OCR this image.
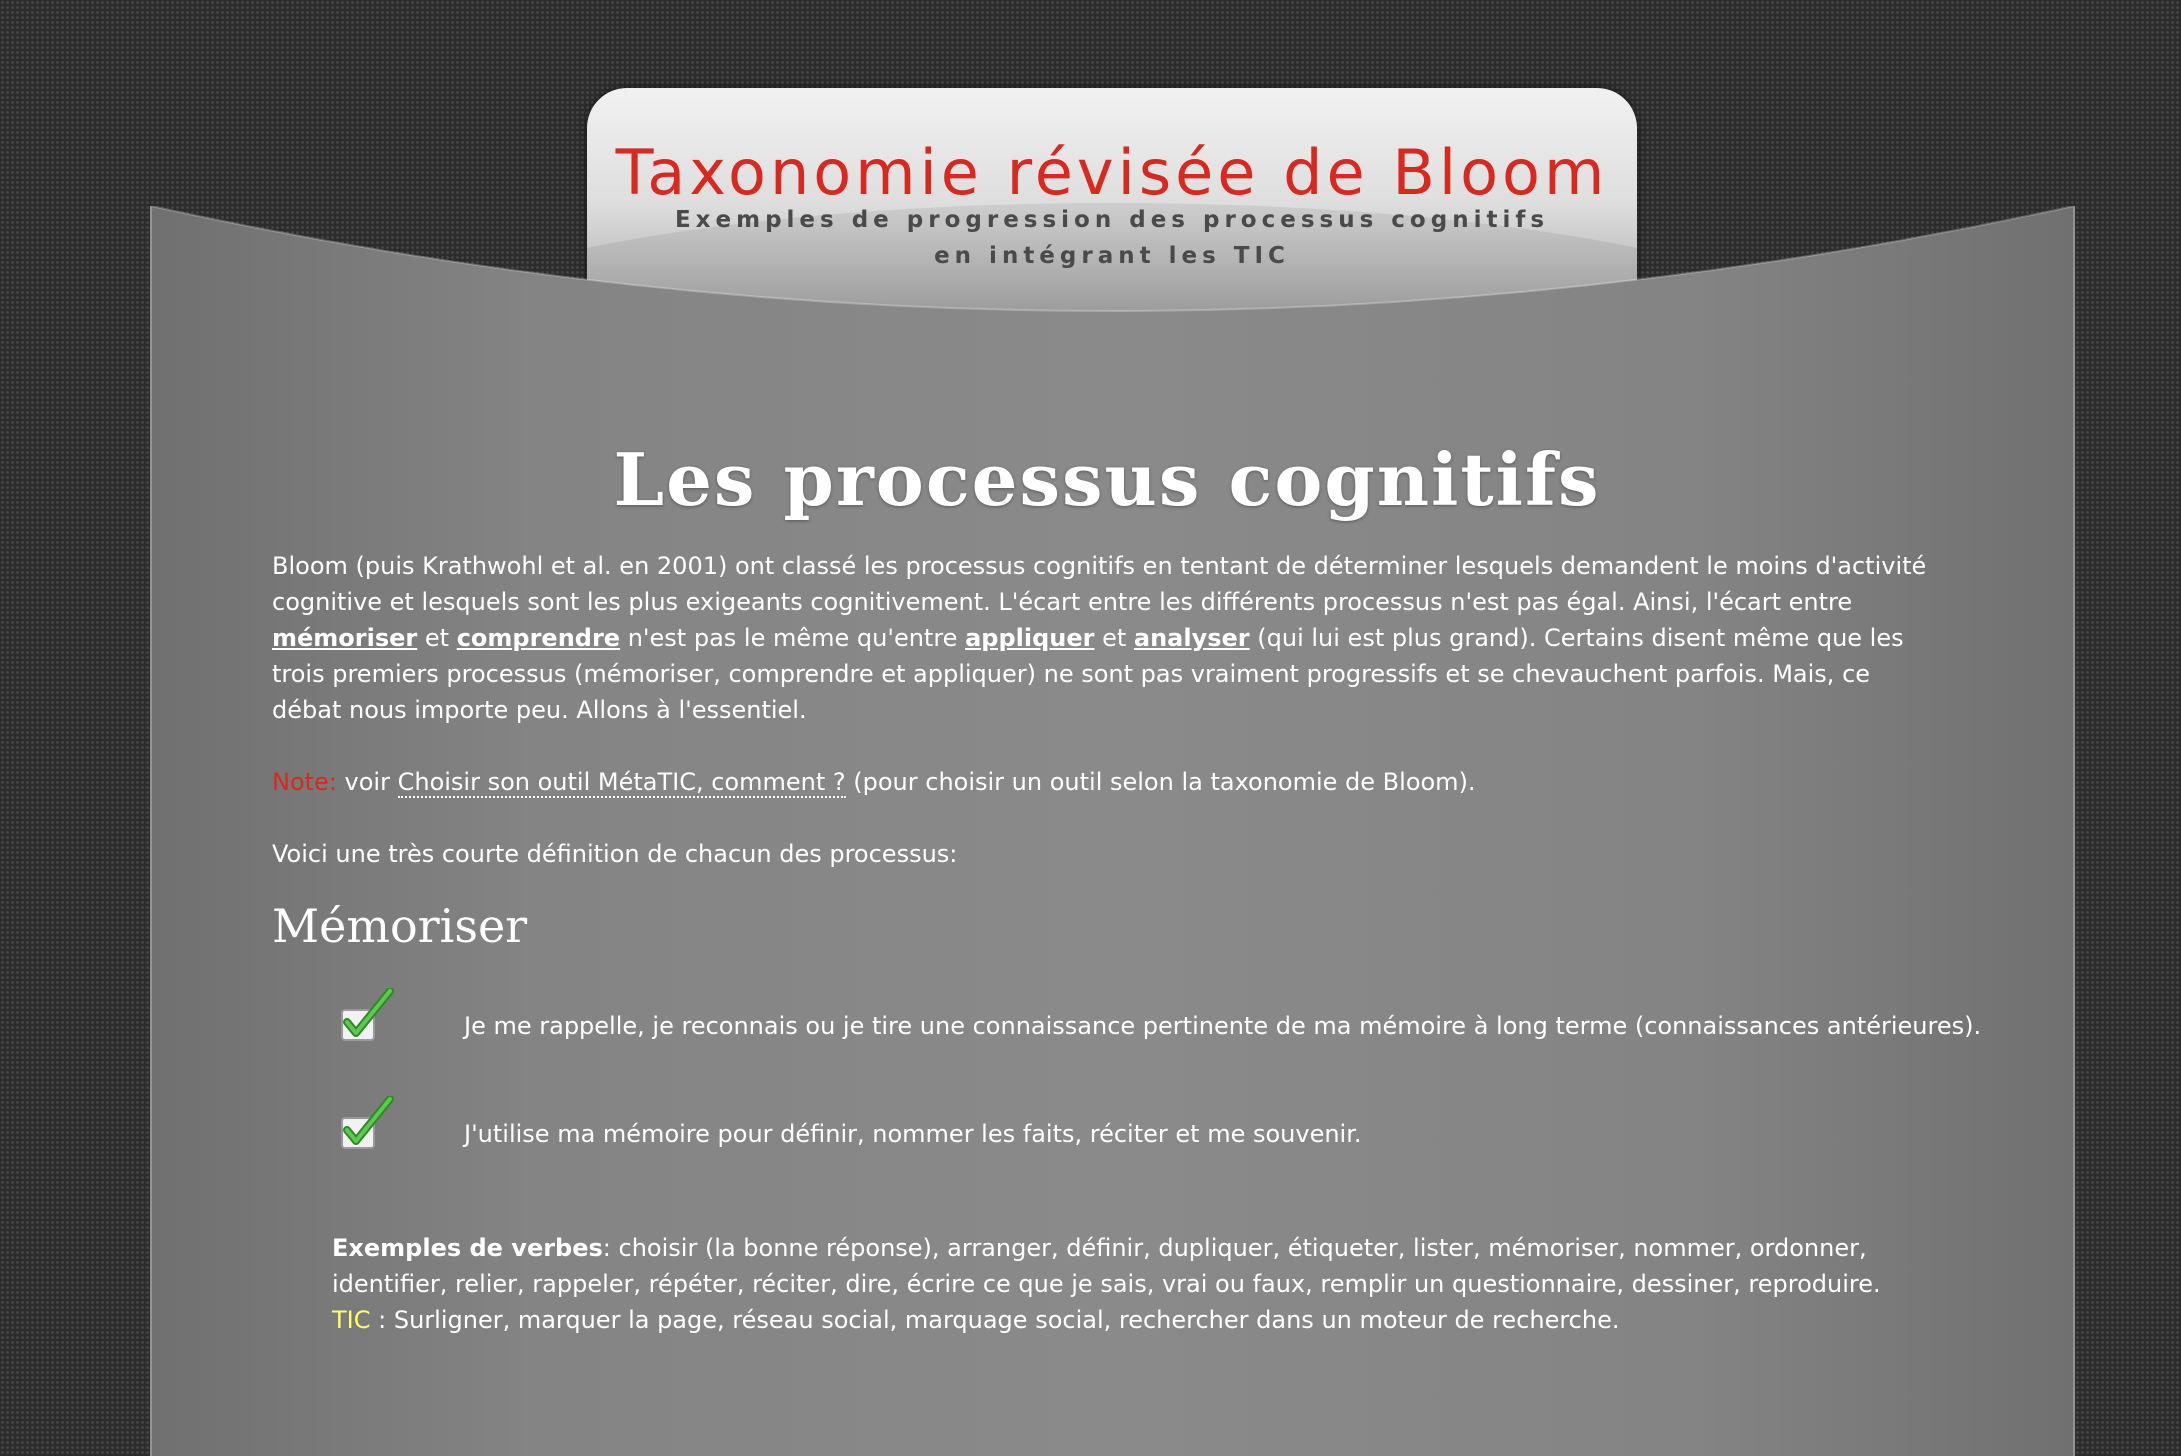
Taxonomie révisée de Bloom
Exemples de progression des processus cognitifs
en intégrant les TIC
Les processus cognitifs

Bloom (puis Krathwohl et al. en 2001) ont classé les processus cognitifs en tentant de déterminer lesquels demandent le moins d'activité cognitive et lesquels sont les plus exigeants cognitivement. L'écart entre les différents processus n'est pas égal. Ainsi, l'écart entre mémoriser et comprendre n'est pas le même qu'entre appliquer et analyser (qui lui est plus grand). Certains disent même que les trois premiers processus (mémoriser, comprendre et appliquer) ne sont pas vraiment progressifs et se chevauchent parfois. Mais, ce débat nous importe peu. Allons à l'essentiel.

Note: voir Choisir son outil MétaTIC, comment ? (pour choisir un outil selon la taxonomie de Bloom).

Voici une très courte définition de chacun des processus:

Mémoriser
Je me rappelle, je reconnais ou je tire une connaissance pertinente de ma mémoire à long terme (connaissances antérieures).
J'utilise ma mémoire pour définir, nommer les faits, réciter et me souvenir.
Exemples de verbes: choisir (la bonne réponse), arranger, définir, dupliquer, étiqueter, lister, mémoriser, nommer, ordonner, identifier, relier, rappeler, répéter, réciter, dire, écrire ce que je sais, vrai ou faux, remplir un questionnaire, dessiner, reproduire.
TIC : Surligner, marquer la page, réseau social, marquage social, rechercher dans un moteur de recherche.
